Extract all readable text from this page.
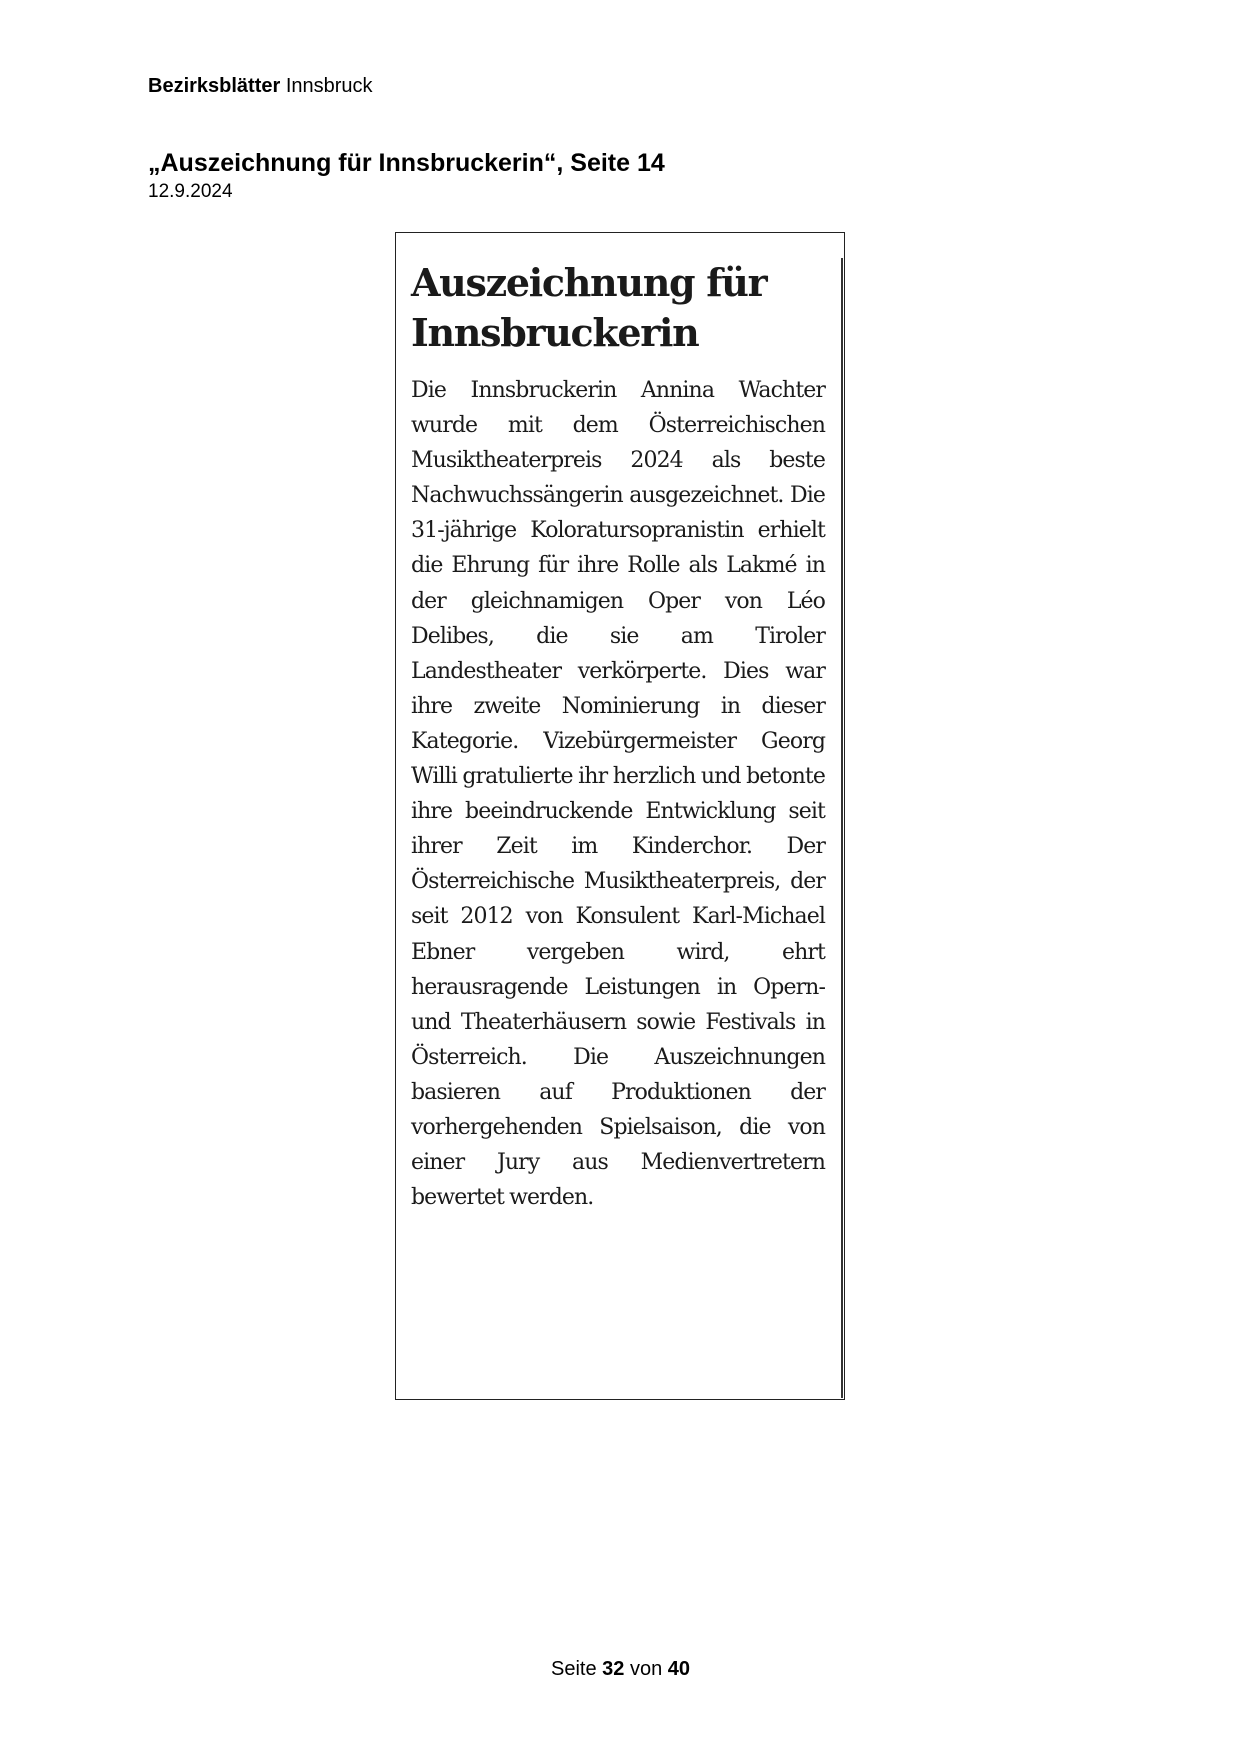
Bezirksblätter Innsbruck
„Auszeichnung für Innsbruckerin“, Seite 14
12.9.2024
Auszeichnung für Innsbruckerin

Die Innsbruckerin Annina Wachter wurde mit dem Österreichischen Musiktheaterpreis 2024 als beste Nachwuchssängerin ausgezeichnet. Die 31-jährige Koloratursopranistin erhielt die Ehrung für ihre Rolle als Lakmé in der gleichnamigen Oper von Léo Delibes, die sie am Tiroler Landestheater verkörperte. Dies war ihre zweite Nominierung in dieser Kategorie. Vizebürgermeister Georg Willi gratulierte ihr herzlich und betonte ihre beeindruckende Entwicklung seit ihrer Zeit im Kinderchor. Der Österreichische Musiktheaterpreis, der seit 2012 von Konsulent Karl-Michael Ebner vergeben wird, ehrt herausragende Leistungen in Opern- und Theaterhäusern sowie Festivals in Österreich. Die Auszeichnungen basieren auf Produktionen der vorhergehenden Spielsaison, die von einer Jury aus Medienvertretern bewertet werden.

Seite 32 von 40
